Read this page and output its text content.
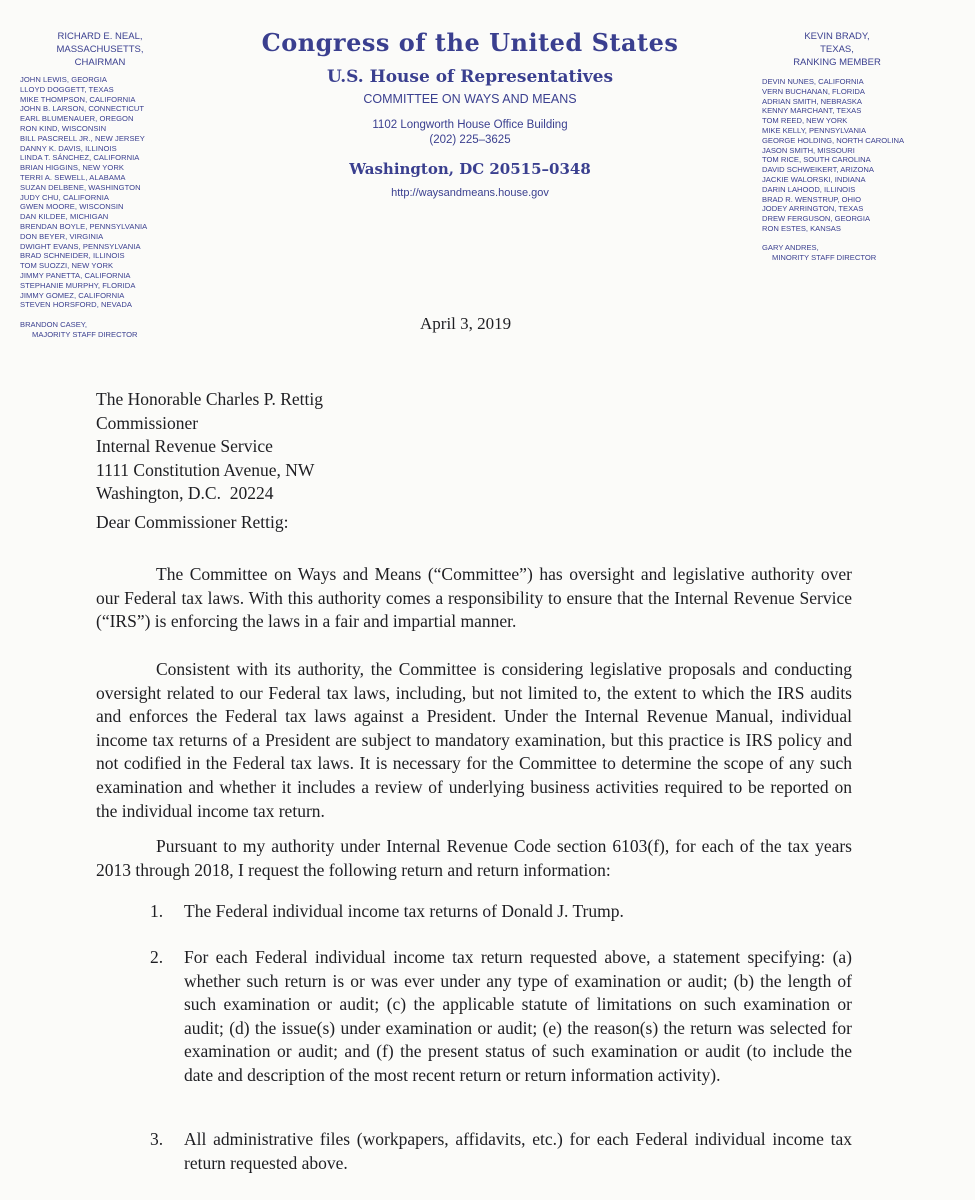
RICHARD E. NEAL,
MASSACHUSETTS,
CHAIRMAN
JOHN LEWIS, GEORGIA
LLOYD DOGGETT, TEXAS
MIKE THOMPSON, CALIFORNIA
JOHN B. LARSON, CONNECTICUT
EARL BLUMENAUER, OREGON
RON KIND, WISCONSIN
BILL PASCRELL JR., NEW JERSEY
DANNY K. DAVIS, ILLINOIS
LINDA T. SÁNCHEZ, CALIFORNIA
BRIAN HIGGINS, NEW YORK
TERRI A. SEWELL, ALABAMA
SUZAN DELBENE, WASHINGTON
JUDY CHU, CALIFORNIA
GWEN MOORE, WISCONSIN
DAN KILDEE, MICHIGAN
BRENDAN BOYLE, PENNSYLVANIA
DON BEYER, VIRGINIA
DWIGHT EVANS, PENNSYLVANIA
BRAD SCHNEIDER, ILLINOIS
TOM SUOZZI, NEW YORK
JIMMY PANETTA, CALIFORNIA
STEPHANIE MURPHY, FLORIDA
JIMMY GOMEZ, CALIFORNIA
STEVEN HORSFORD, NEVADA
BRANDON CASEY,
MAJORITY STAFF DIRECTOR
Congress of the United States
U.S. House of Representatives
COMMITTEE ON WAYS AND MEANS
1102 Longworth House Office Building
(202) 225–3625
Washington, DC 20515–0348
http://waysandmeans.house.gov
KEVIN BRADY,
TEXAS,
RANKING MEMBER
DEVIN NUNES, CALIFORNIA
VERN BUCHANAN, FLORIDA
ADRIAN SMITH, NEBRASKA
KENNY MARCHANT, TEXAS
TOM REED, NEW YORK
MIKE KELLY, PENNSYLVANIA
GEORGE HOLDING, NORTH CAROLINA
JASON SMITH, MISSOURI
TOM RICE, SOUTH CAROLINA
DAVID SCHWEIKERT, ARIZONA
JACKIE WALORSKI, INDIANA
DARIN LAHOOD, ILLINOIS
BRAD R. WENSTRUP, OHIO
JODEY ARRINGTON, TEXAS
DREW FERGUSON, GEORGIA
RON ESTES, KANSAS
GARY ANDRES,
MINORITY STAFF DIRECTOR
April 3, 2019
The Honorable Charles P. Rettig
Commissioner
Internal Revenue Service
1111 Constitution Avenue, NW
Washington, D.C.  20224
Dear Commissioner Rettig:
The Committee on Ways and Means (“Committee”) has oversight and legislative authority over our Federal tax laws. With this authority comes a responsibility to ensure that the Internal Revenue Service (“IRS”) is enforcing the laws in a fair and impartial manner.
Consistent with its authority, the Committee is considering legislative proposals and conducting oversight related to our Federal tax laws, including, but not limited to, the extent to which the IRS audits and enforces the Federal tax laws against a President. Under the Internal Revenue Manual, individual income tax returns of a President are subject to mandatory examination, but this practice is IRS policy and not codified in the Federal tax laws. It is necessary for the Committee to determine the scope of any such examination and whether it includes a review of underlying business activities required to be reported on the individual income tax return.
Pursuant to my authority under Internal Revenue Code section 6103(f), for each of the tax years 2013 through 2018, I request the following return and return information:
1.	The Federal individual income tax returns of Donald J. Trump.
2.	For each Federal individual income tax return requested above, a statement specifying: (a) whether such return is or was ever under any type of examination or audit; (b) the length of such examination or audit; (c) the applicable statute of limitations on such examination or audit; (d) the issue(s) under examination or audit; (e) the reason(s) the return was selected for examination or audit; and (f) the present status of such examination or audit (to include the date and description of the most recent return or return information activity).
3.	All administrative files (workpapers, affidavits, etc.) for each Federal individual income tax return requested above.
